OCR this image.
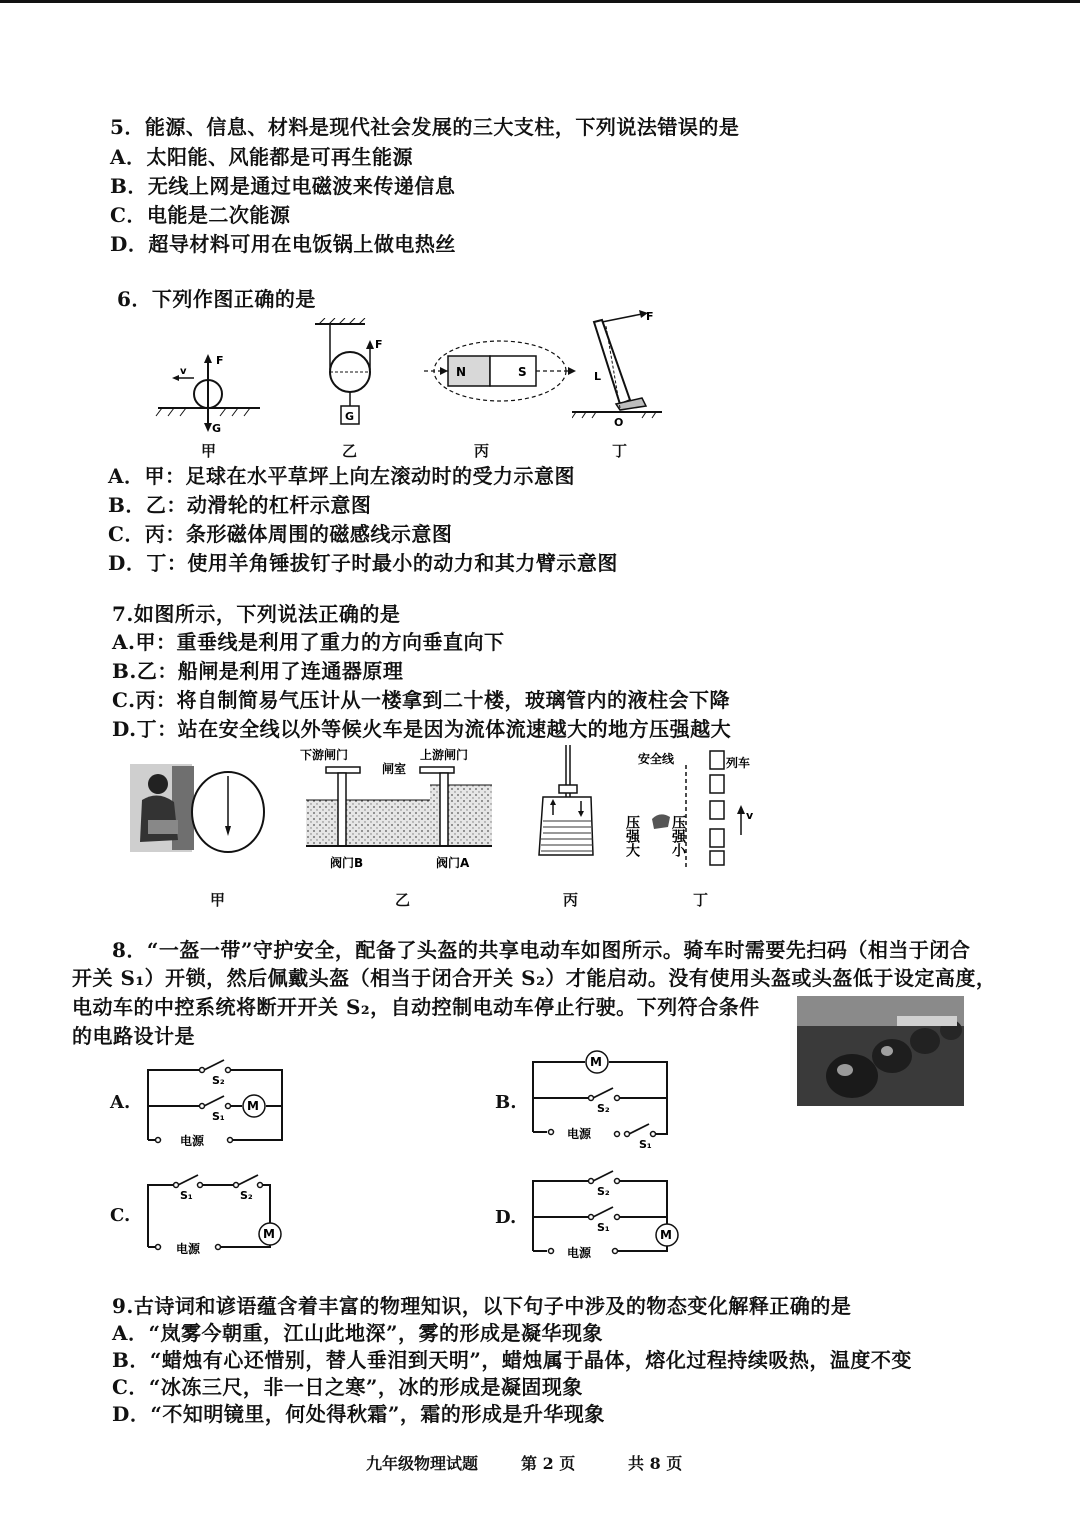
5．能源、信息、材料是现代社会发展的三大支柱，下列说法错误的是
A．太阳能、风能都是可再生能源
B．无线上网是通过电磁波来传递信息
C．电能是二次能源
D．超导材料可用在电饭锅上做电热丝
6．下列作图正确的是
F
G
v
F
G
N	S
F
L
O
甲	乙	丙	丁
A．甲：足球在水平草坪上向左滚动时的受力示意图
B．乙：动滑轮的杠杆示意图
C．丙：条形磁体周围的磁感线示意图
D．丁：使用羊角锤拔钉子时最小的动力和其力臂示意图
7.如图所示，下列说法正确的是
A.甲：重垂线是利用了重力的方向垂直向下
B.乙：船闸是利用了连通器原理
C.丙：将自制简易气压计从一楼拿到二十楼，玻璃管内的液柱会下降
D.丁：站在安全线以外等候火车是因为流体流速越大的地方压强越大
下游闸门	上游闸门
闸室
阀门B	阀门A
安全线	列车
v
压强大 压强小
甲	乙	丙	丁
8．“一盔一带”守护安全，配备了头盔的共享电动车如图所示。骑车时需要先扫码（相当于闭合
开关 S₁）开锁，然后佩戴头盔（相当于闭合开关 S₂）才能启动。没有使用头盔或头盔低于设定高度，
电动车的中控系统将断开开关 S₂，自动控制电动车停止行驶。下列符合条件
的电路设计是
A.	M
S₂
S₁
电源
B.
M
S₂
S₁
电源
C.
M
S₁	S₂
电源
D.
M
S₂
S₁
电源
9.古诗词和谚语蕴含着丰富的物理知识，以下句子中涉及的物态变化解释正确的是
A．“岚雾今朝重，江山此地深”，雾的形成是凝华现象
B．“蜡烛有心还惜别，替人垂泪到天明”，蜡烛属于晶体，熔化过程持续吸热，温度不变
C．“冰冻三尺，非一日之寒”，冰的形成是凝固现象
D．“不知明镜里，何处得秋霜”，霜的形成是升华现象
九年级物理试题	第 2 页	共 8 页
